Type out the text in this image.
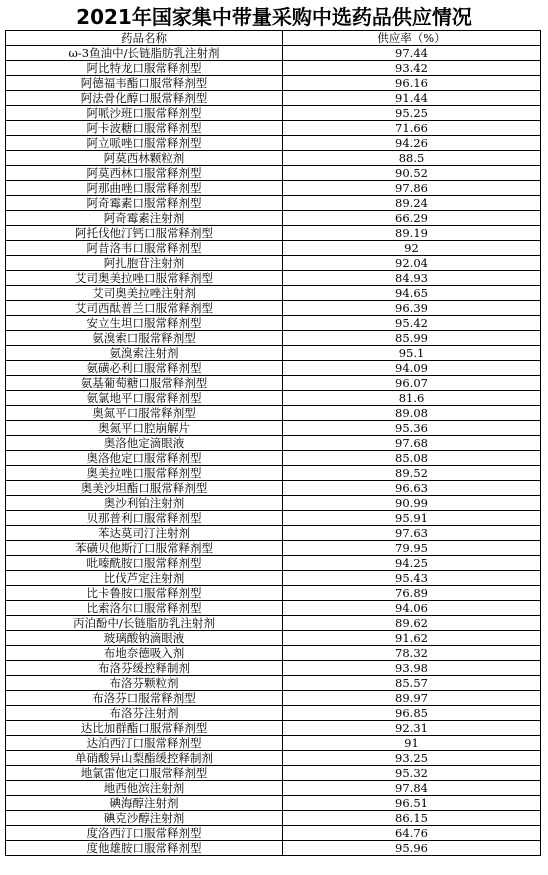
2021年国家集中带量采购中选药品供应情况
药品名称	供应率（%）
ω-3鱼油中/长链脂肪乳注射剂	97.44
阿比特龙口服常释剂型	93.42
阿德福韦酯口服常释剂型	96.16
阿法骨化醇口服常释剂型	91.44
阿哌沙班口服常释剂型	95.25
阿卡波糖口服常释剂型	71.66
阿立哌唑口服常释剂型	94.26
阿莫西林颗粒剂	88.5
阿莫西林口服常释剂型	90.52
阿那曲唑口服常释剂型	97.86
阿奇霉素口服常释剂型	89.24
阿奇霉素注射剂	66.29
阿托伐他汀钙口服常释剂型	89.19
阿昔洛韦口服常释剂型	92
阿扎胞苷注射剂	92.04
艾司奥美拉唑口服常释剂型	84.93
艾司奥美拉唑注射剂	94.65
艾司西酞普兰口服常释剂型	96.39
安立生坦口服常释剂型	95.42
氨溴索口服常释剂型	85.99
氨溴索注射剂	95.1
氨磺必利口服常释剂型	94.09
氨基葡萄糖口服常释剂型	96.07
氨氯地平口服常释剂型	81.6
奥氮平口服常释剂型	89.08
奥氮平口腔崩解片	95.36
奥洛他定滴眼液	97.68
奥洛他定口服常释剂型	85.08
奥美拉唑口服常释剂型	89.52
奥美沙坦酯口服常释剂型	96.63
奥沙利铂注射剂	90.99
贝那普利口服常释剂型	95.91
苯达莫司汀注射剂	97.63
苯磺贝他斯汀口服常释剂型	79.95
吡嗪酰胺口服常释剂型	94.25
比伐芦定注射剂	95.43
比卡鲁胺口服常释剂型	76.89
比索洛尔口服常释剂型	94.06
丙泊酚中/长链脂肪乳注射剂	89.62
玻璃酸钠滴眼液	91.62
布地奈德吸入剂	78.32
布洛芬缓控释制剂	93.98
布洛芬颗粒剂	85.57
布洛芬口服常释剂型	89.97
布洛芬注射剂	96.85
达比加群酯口服常释剂型	92.31
达泊西汀口服常释剂型	91
单硝酸异山梨酯缓控释制剂	93.25
地氯雷他定口服常释剂型	95.32
地西他滨注射剂	97.84
碘海醇注射剂	96.51
碘克沙醇注射剂	86.15
度洛西汀口服常释剂型	64.76
度他雄胺口服常释剂型	95.96
